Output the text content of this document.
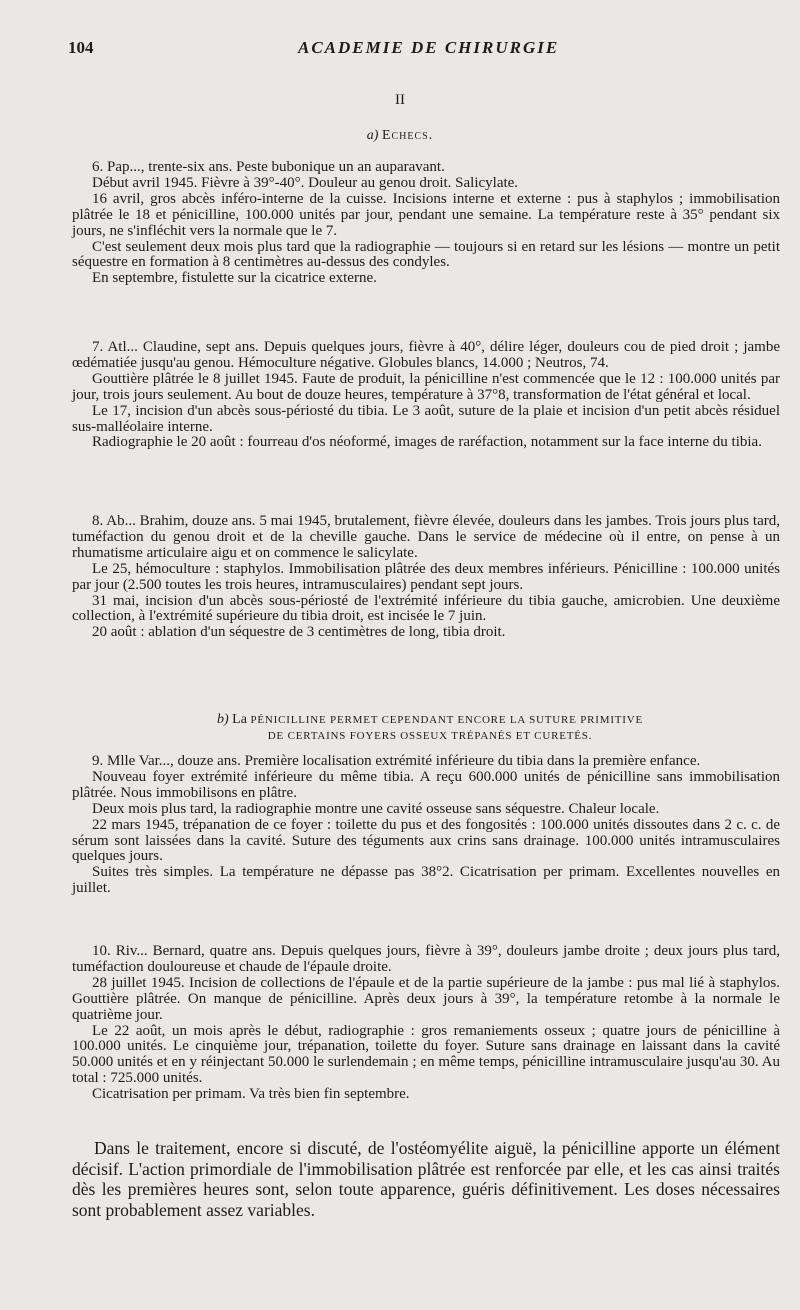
104	ACADEMIE DE CHIRURGIE
II
a) Echecs.

6. Pap..., trente-six ans. Peste bubonique un an auparavant.

Début avril 1945. Fièvre à 39°-40°. Douleur au genou droit. Salicylate.

16 avril, gros abcès inféro-interne de la cuisse. Incisions interne et externe : pus à staphylos ; immobilisation plâtrée le 18 et pénicilline, 100.000 unités par jour, pendant une semaine. La température reste à 35° pendant six jours, ne s'infléchit vers la normale que le 7.

C'est seulement deux mois plus tard que la radiographie — toujours si en retard sur les lésions — montre un petit séquestre en formation à 8 centimètres au-dessus des condyles.

En septembre, fistulette sur la cicatrice externe.

7. Atl... Claudine, sept ans. Depuis quelques jours, fièvre à 40°, délire léger, douleurs cou de pied droit ; jambe œdématiée jusqu'au genou. Hémoculture négative. Globules blancs, 14.000 ; Neutros, 74.

Gouttière plâtrée le 8 juillet 1945. Faute de produit, la pénicilline n'est commencée que le 12 : 100.000 unités par jour, trois jours seulement. Au bout de douze heures, température à 37°8, transformation de l'état général et local.

Le 17, incision d'un abcès sous-périosté du tibia. Le 3 août, suture de la plaie et incision d'un petit abcès résiduel sus-malléolaire interne.

Radiographie le 20 août : fourreau d'os néoformé, images de raréfaction, notamment sur la face interne du tibia.

8. Ab... Brahim, douze ans. 5 mai 1945, brutalement, fièvre élevée, douleurs dans les jambes. Trois jours plus tard, tuméfaction du genou droit et de la cheville gauche. Dans le service de médecine où il entre, on pense à un rhumatisme articulaire aigu et on commence le salicylate.

Le 25, hémoculture : staphylos. Immobilisation plâtrée des deux membres inférieurs. Pénicilline : 100.000 unités par jour (2.500 toutes les trois heures, intramusculaires) pendant sept jours.

31 mai, incision d'un abcès sous-périosté de l'extrémité inférieure du tibia gauche, amicrobien. Une deuxième collection, à l'extrémité supérieure du tibia droit, est incisée le 7 juin.

20 août : ablation d'un séquestre de 3 centimètres de long, tibia droit.

b) La PÉNICILLINE PERMET CEPENDANT ENCORE LA SUTURE PRIMITIVE
DE CERTAINS FOYERS OSSEUX TRÉPANÉS ET CURETÉS.

9. Mlle Var..., douze ans. Première localisation extrémité inférieure du tibia dans la première enfance.

Nouveau foyer extrémité inférieure du même tibia. A reçu 600.000 unités de pénicilline sans immobilisation plâtrée. Nous immobilisons en plâtre.

Deux mois plus tard, la radiographie montre une cavité osseuse sans séquestre. Chaleur locale.

22 mars 1945, trépanation de ce foyer : toilette du pus et des fongosités : 100.000 unités dissoutes dans 2 c. c. de sérum sont laissées dans la cavité. Suture des téguments aux crins sans drainage. 100.000 unités intramusculaires quelques jours.

Suites très simples. La température ne dépasse pas 38°2. Cicatrisation per primam. Excellentes nouvelles en juillet.

10. Riv... Bernard, quatre ans. Depuis quelques jours, fièvre à 39°, douleurs jambe droite ; deux jours plus tard, tuméfaction douloureuse et chaude de l'épaule droite.

28 juillet 1945. Incision de collections de l'épaule et de la partie supérieure de la jambe : pus mal lié à staphylos. Gouttière plâtrée. On manque de pénicilline. Après deux jours à 39°, la température retombe à la normale le quatrième jour.

Le 22 août, un mois après le début, radiographie : gros remaniements osseux ; quatre jours de pénicilline à 100.000 unités. Le cinquième jour, trépanation, toilette du foyer. Suture sans drainage en laissant dans la cavité 50.000 unités et en y réinjectant 50.000 le surlendemain ; en même temps, pénicilline intramusculaire jusqu'au 30. Au total : 725.000 unités.

Cicatrisation per primam. Va très bien fin septembre.

Dans le traitement, encore si discuté, de l'ostéomyélite aiguë, la pénicilline apporte un élément décisif. L'action primordiale de l'immobilisation plâtrée est renforcée par elle, et les cas ainsi traités dès les premières heures sont, selon toute apparence, guéris définitivement. Les doses nécessaires sont probablement assez variables.
